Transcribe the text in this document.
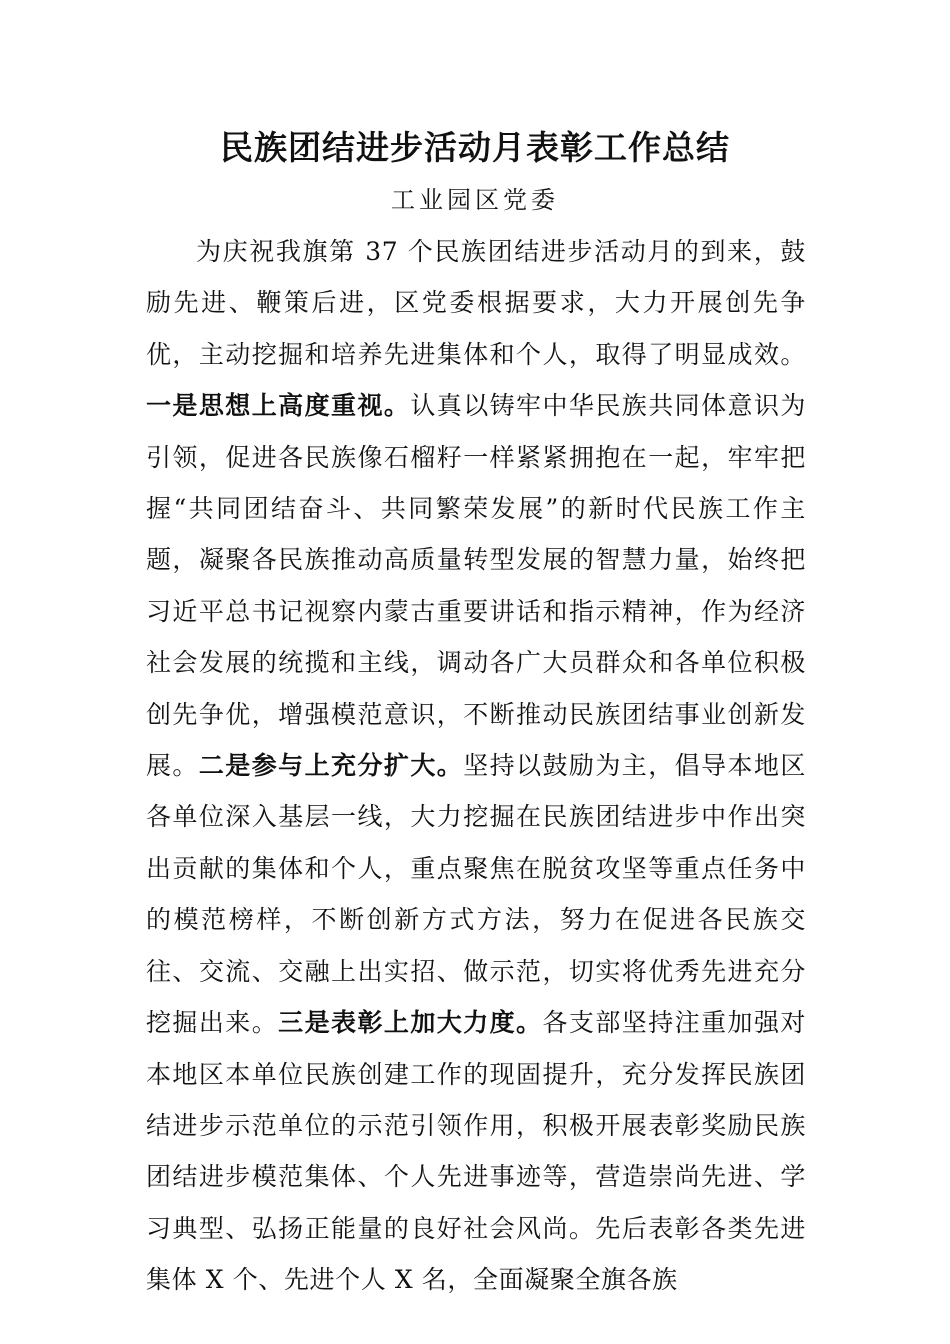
民族团结进步活动月表彰工作总结
工业园区党委

为庆祝我旗第 37 个民族团结进步活动月的到来，鼓励先进、鞭策后进，区党委根据要求，大力开展创先争优，主动挖掘和培养先进集体和个人，取得了明显成效。一是思想上高度重视。认真以铸牢中华民族共同体意识为引领，促进各民族像石榴籽一样紧紧拥抱在一起，牢牢把握“共同团结奋斗、共同繁荣发展”的新时代民族工作主题，凝聚各民族推动高质量转型发展的智慧力量，始终把习近平总书记视察内蒙古重要讲话和指示精神，作为经济社会发展的统揽和主线，调动各广大员群众和各单位积极创先争优，增强模范意识，不断推动民族团结事业创新发展。二是参与上充分扩大。坚持以鼓励为主，倡导本地区各单位深入基层一线，大力挖掘在民族团结进步中作出突出贡献的集体和个人，重点聚焦在脱贫攻坚等重点任务中的模范榜样，不断创新方式方法，努力在促进各民族交往、交流、交融上出实招、做示范，切实将优秀先进充分挖掘出来。三是表彰上加大力度。各支部坚持注重加强对本地区本单位民族创建工作的现固提升，充分发挥民族团结进步示范单位的示范引领作用，积极开展表彰奖励民族团结进步模范集体、个人先进事迹等，营造崇尚先进、学习典型、弘扬正能量的良好社会风尚。先后表彰各类先进集体 X 个、先进个人 X 名，全面凝聚全旗各族
